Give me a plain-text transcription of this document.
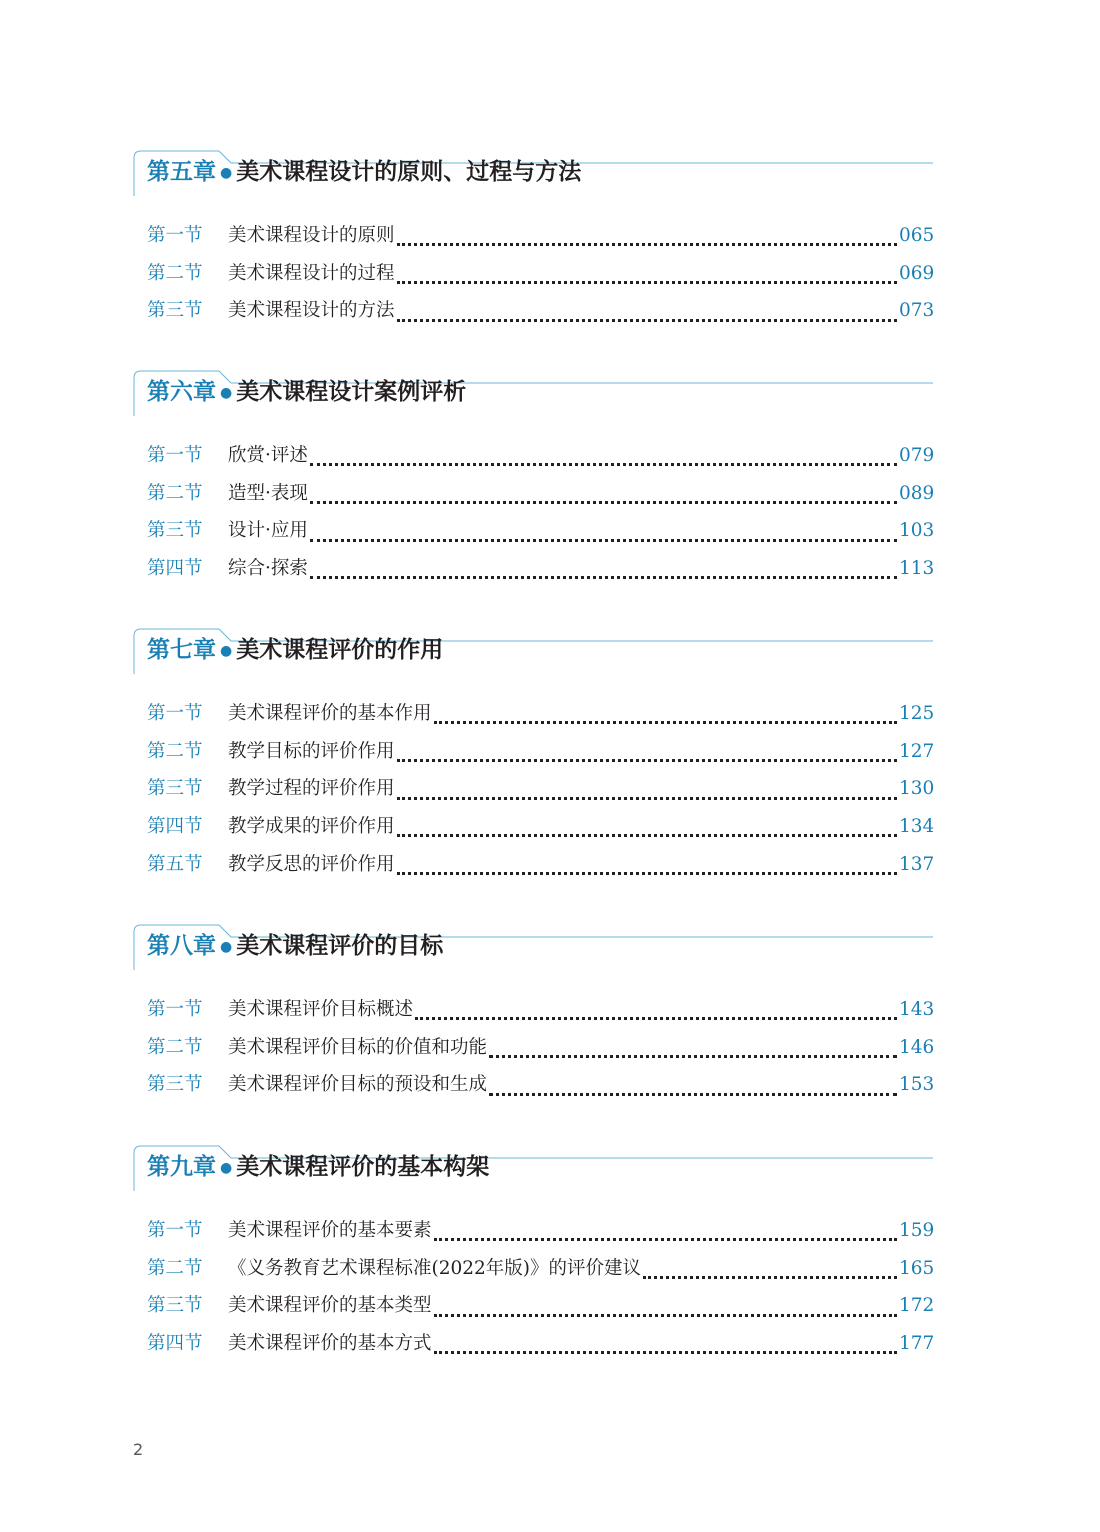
第五章 ● 美术课程设计的原则、过程与方法
第一节	美术课程设计的原则	065
第二节	美术课程设计的过程	069
第三节	美术课程设计的方法	073
第六章 ● 美术课程设计案例评析
第一节	欣赏·评述	079
第二节	造型·表现	089
第三节	设计·应用	103
第四节	综合·探索	113
第七章 ● 美术课程评价的作用
第一节	美术课程评价的基本作用	125
第二节	教学目标的评价作用	127
第三节	教学过程的评价作用	130
第四节	教学成果的评价作用	134
第五节	教学反思的评价作用	137
第八章 ● 美术课程评价的目标
第一节	美术课程评价目标概述	143
第二节	美术课程评价目标的价值和功能	146
第三节	美术课程评价目标的预设和生成	153
第九章 ● 美术课程评价的基本构架
第一节	美术课程评价的基本要素	159
第二节	《义务教育艺术课程标准(2022年版)》的评价建议	165
第三节	美术课程评价的基本类型	172
第四节	美术课程评价的基本方式	177
2
